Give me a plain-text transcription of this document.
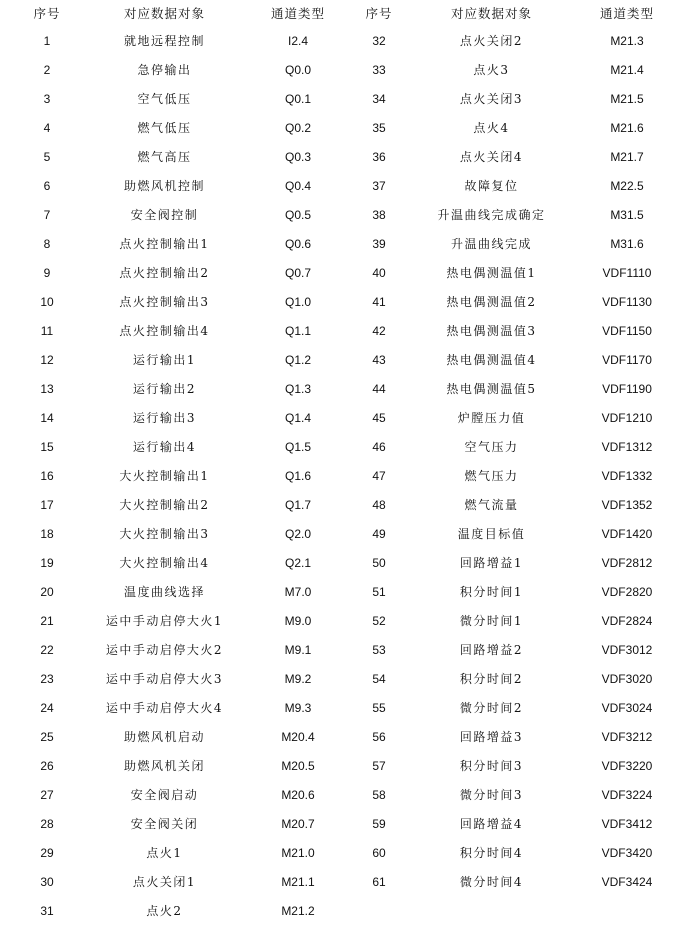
序号	对应数据对象	通道类型	序号	对应数据对象	通道类型
1	就地远程控制	I2.4	32	点火关闭2	M21.3
2	急停输出	Q0.0	33	点火3	M21.4
3	空气低压	Q0.1	34	点火关闭3	M21.5
4	燃气低压	Q0.2	35	点火4	M21.6
5	燃气高压	Q0.3	36	点火关闭4	M21.7
6	助燃风机控制	Q0.4	37	故障复位	M22.5
7	安全阀控制	Q0.5	38	升温曲线完成确定	M31.5
8	点火控制输出1	Q0.6	39	升温曲线完成	M31.6
9	点火控制输出2	Q0.7	40	热电偶测温值1	VDF1110
10	点火控制输出3	Q1.0	41	热电偶测温值2	VDF1130
11	点火控制输出4	Q1.1	42	热电偶测温值3	VDF1150
12	运行输出1	Q1.2	43	热电偶测温值4	VDF1170
13	运行输出2	Q1.3	44	热电偶测温值5	VDF1190
14	运行输出3	Q1.4	45	炉膛压力值	VDF1210
15	运行输出4	Q1.5	46	空气压力	VDF1312
16	大火控制输出1	Q1.6	47	燃气压力	VDF1332
17	大火控制输出2	Q1.7	48	燃气流量	VDF1352
18	大火控制输出3	Q2.0	49	温度目标值	VDF1420
19	大火控制输出4	Q2.1	50	回路增益1	VDF2812
20	温度曲线选择	M7.0	51	积分时间1	VDF2820
21	运中手动启停大火1	M9.0	52	微分时间1	VDF2824
22	运中手动启停大火2	M9.1	53	回路增益2	VDF3012
23	运中手动启停大火3	M9.2	54	积分时间2	VDF3020
24	运中手动启停大火4	M9.3	55	微分时间2	VDF3024
25	助燃风机启动	M20.4	56	回路增益3	VDF3212
26	助燃风机关闭	M20.5	57	积分时间3	VDF3220
27	安全阀启动	M20.6	58	微分时间3	VDF3224
28	安全阀关闭	M20.7	59	回路增益4	VDF3412
29	点火1	M21.0	60	积分时间4	VDF3420
30	点火关闭1	M21.1	61	微分时间4	VDF3424
31	点火2	M21.2			
